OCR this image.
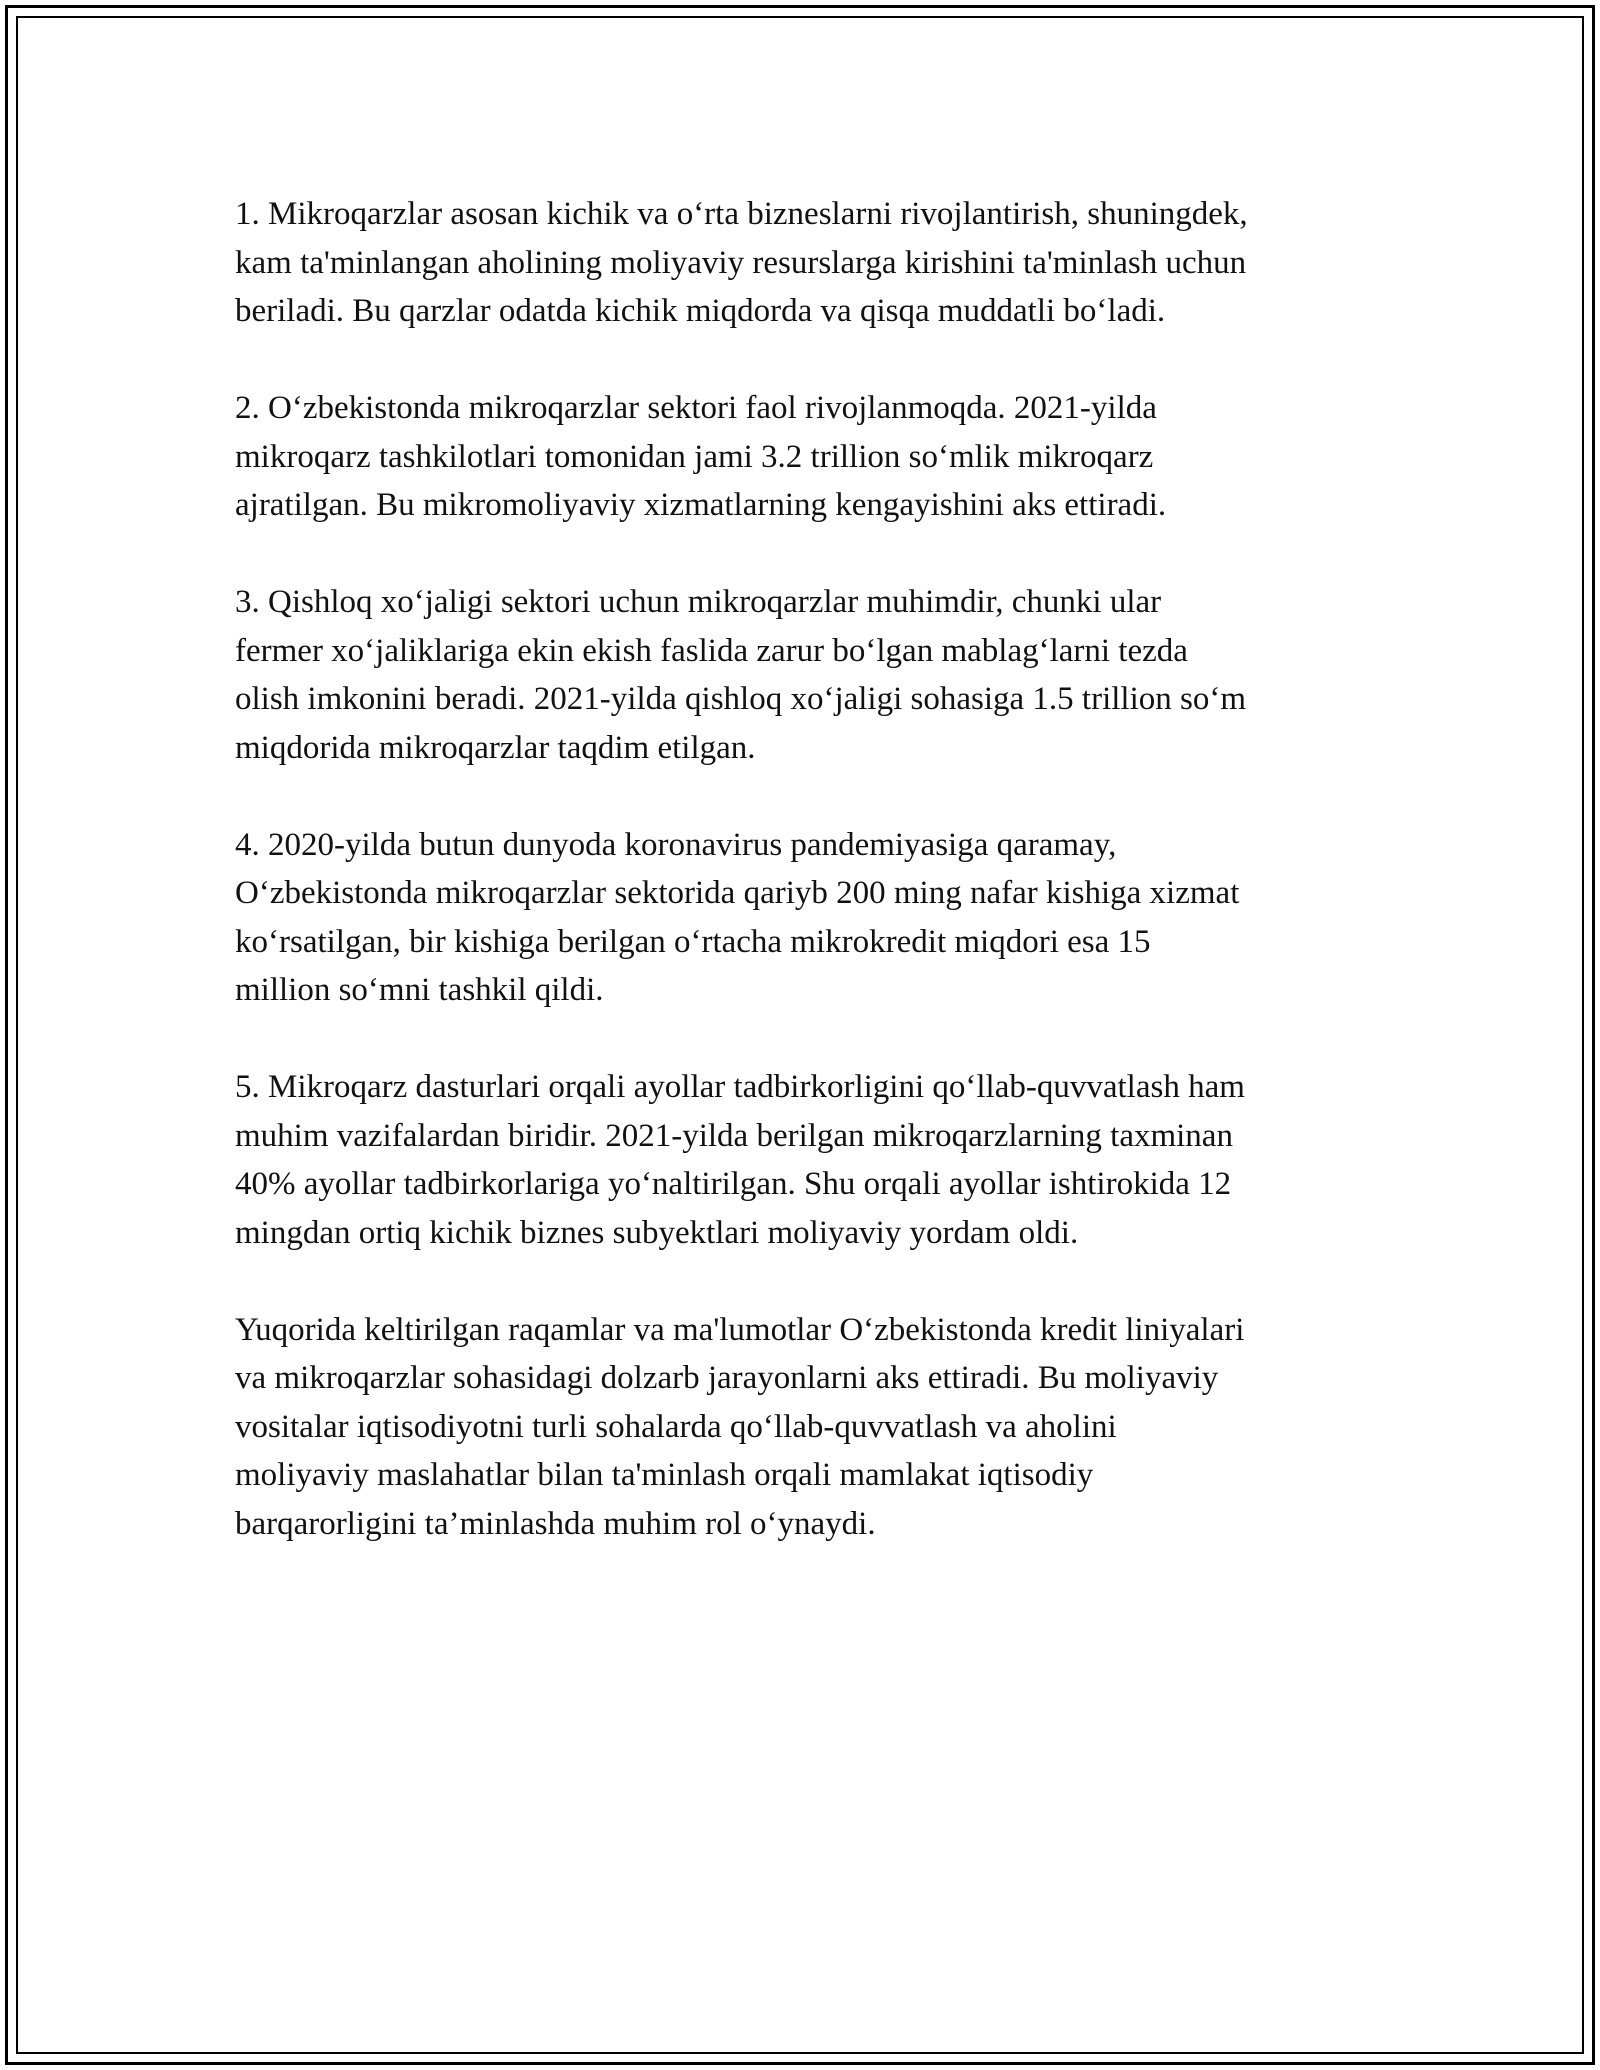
1. Mikroqarzlar asosan kichik va o‘rta bizneslarni rivojlantirish, shuningdek,
kam ta'minlangan aholining moliyaviy resurslarga kirishini ta'minlash uchun
beriladi. Bu qarzlar odatda kichik miqdorda va qisqa muddatli bo‘ladi.

2. O‘zbekistonda mikroqarzlar sektori faol rivojlanmoqda. 2021-yilda
mikroqarz tashkilotlari tomonidan jami 3.2 trillion so‘mlik mikroqarz
ajratilgan. Bu mikromoliyaviy xizmatlarning kengayishini aks ettiradi.

3. Qishloq xo‘jaligi sektori uchun mikroqarzlar muhimdir, chunki ular
fermer xo‘jaliklariga ekin ekish faslida zarur bo‘lgan mablag‘larni tezda
olish imkonini beradi. 2021-yilda qishloq xo‘jaligi sohasiga 1.5 trillion so‘m
miqdorida mikroqarzlar taqdim etilgan.

4. 2020-yilda butun dunyoda koronavirus pandemiyasiga qaramay,
O‘zbekistonda mikroqarzlar sektorida qariyb 200 ming nafar kishiga xizmat
ko‘rsatilgan, bir kishiga berilgan o‘rtacha mikrokredit miqdori esa 15
million so‘mni tashkil qildi.

5. Mikroqarz dasturlari orqali ayollar tadbirkorligini qo‘llab-quvvatlash ham
muhim vazifalardan biridir. 2021-yilda berilgan mikroqarzlarning taxminan
40% ayollar tadbirkorlariga yo‘naltirilgan. Shu orqali ayollar ishtirokida 12
mingdan ortiq kichik biznes subyektlari moliyaviy yordam oldi.

Yuqorida keltirilgan raqamlar va ma'lumotlar O‘zbekistonda kredit liniyalari
va mikroqarzlar sohasidagi dolzarb jarayonlarni aks ettiradi. Bu moliyaviy
vositalar iqtisodiyotni turli sohalarda qo‘llab-quvvatlash va aholini
moliyaviy maslahatlar bilan ta'minlash orqali mamlakat iqtisodiy
barqarorligini ta’minlashda muhim rol o‘ynaydi.
